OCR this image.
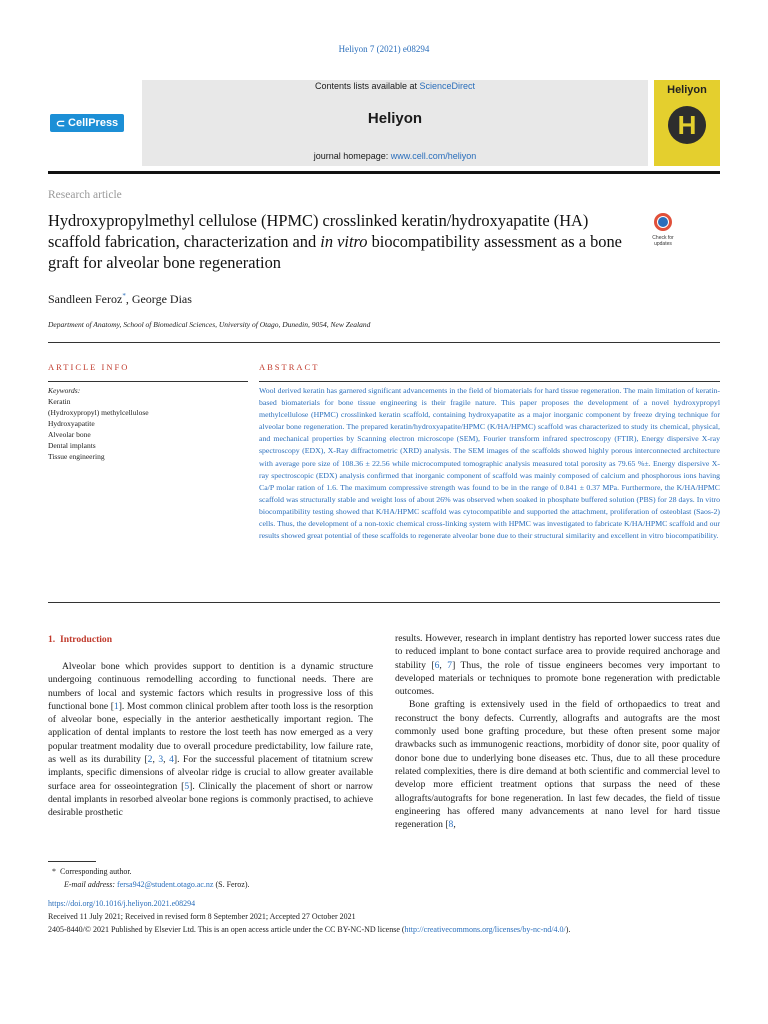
Heliyon 7 (2021) e08294
⊂ CellPress
Contents lists available at ScienceDirect
Heliyon
journal homepage: www.cell.com/heliyon
Heliyon
H
Research article
Hydroxypropylmethyl cellulose (HPMC) crosslinked keratin/hydroxyapatite (HA) scaffold fabrication, characterization and in vitro biocompatibility assessment as a bone graft for alveolar bone regeneration
Check for updates
Sandleen Feroz*, George Dias
Department of Anatomy, School of Biomedical Sciences, University of Otago, Dunedin, 9054, New Zealand
ARTICLE INFO	ABSTRACT
Keywords:
Keratin
(Hydroxypropyl) methylcellulose
Hydroxyapatite
Alveolar bone
Dental implants
Tissue engineering
Wool derived keratin has garnered significant advancements in the field of biomaterials for hard tissue regeneration. The main limitation of keratin-based biomaterials for bone tissue engineering is their fragile nature. This paper proposes the development of a novel hydroxypropyl methylcellulose (HPMC) crosslinked keratin scaffold, containing hydroxyapatite as a major inorganic component by freeze drying technique for alveolar bone regeneration. The prepared keratin/hydroxyapatite/HPMC (K/HA/HPMC) scaffold was characterized to study its chemical, physical, and mechanical properties by Scanning electron microscope (SEM), Fourier transform infrared spectroscopy (FTIR), Energy dispersive X-ray spectroscopy (EDX), X-Ray diffractometric (XRD) analysis. The SEM images of the scaffolds showed highly porous interconnected architecture with average pore size of 108.36 ± 22.56 while microcomputed tomographic analysis measured total porosity as 79.65 %±. Energy dispersive X-ray spectroscopic (EDX) analysis confirmed that inorganic component of scaffold was mainly composed of calcium and phosphorous ions having Ca/P molar ration of 1.6. The maximum compressive strength was found to be in the range of 0.841 ± 0.37 MPa. Furthermore, the K/HA/HPMC scaffold was structurally stable and weight loss of about 26% was observed when soaked in phosphate buffered solution (PBS) for 28 days. In vitro biocompatibility testing showed that K/HA/HPMC scaffold was cytocompatible and supported the attachment, proliferation of osteoblast (Saos-2) cells. Thus, the development of a non-toxic chemical cross-linking system with HPMC was investigated to fabricate K/HA/HPMC scaffold and our results showed great potential of these scaffolds to regenerate alveolar bone due to their structural similarity and excellent in vitro biocompatibility.
1. Introduction

Alveolar bone which provides support to dentition is a dynamic structure undergoing continuous remodelling according to functional needs. There are numbers of local and systemic factors which results in progressive loss of this functional bone [1]. Most common clinical problem after tooth loss is the resorption of alveolar bone, especially in the anterior aesthetically important region. The application of dental implants to restore the lost teeth has now emerged as a very popular treatment modality due to overall procedure predictability, low failure rate, as well as its durability [2, 3, 4]. For the successful placement of titatnium screw implants, specific dimensions of alveolar ridge is crucial to allow greater available surface area for osseointegration [5]. Clinically the placement of short or narrow dental implants in resorbed alveolar bone regions is commonly practised, to achieve desirable prosthetic

results. However, research in implant dentistry has reported lower success rates due to reduced implant to bone contact surface area to provide required anchorage and stability [6, 7] Thus, the role of tissue engineers becomes very important to developed materials or techniques to promote bone regeneration with predictable outcomes.

Bone grafting is extensively used in the field of orthopaedics to treat and reconstruct the bony defects. Currently, allografts and autografts are the most commonly used bone grafting procedure, but these often present some major drawbacks such as immunogenic reactions, morbidity of donor site, poor quality of donor bone due to underlying bone diseases etc. Thus, due to all these procedure related complexities, there is dire demand at both scientific and commercial level to develop more efficient treatment options that surpass the need of these allografts/autografts for bone regeneration. In last few decades, the field of tissue engineering has offered many advancements at nano level for hard tissue regeneration [8,

* Corresponding author.
E-mail address: fersa942@student.otago.ac.nz (S. Feroz).
https://doi.org/10.1016/j.heliyon.2021.e08294
Received 11 July 2021; Received in revised form 8 September 2021; Accepted 27 October 2021
2405-8440/© 2021 Published by Elsevier Ltd. This is an open access article under the CC BY-NC-ND license (http://creativecommons.org/licenses/by-nc-nd/4.0/).
